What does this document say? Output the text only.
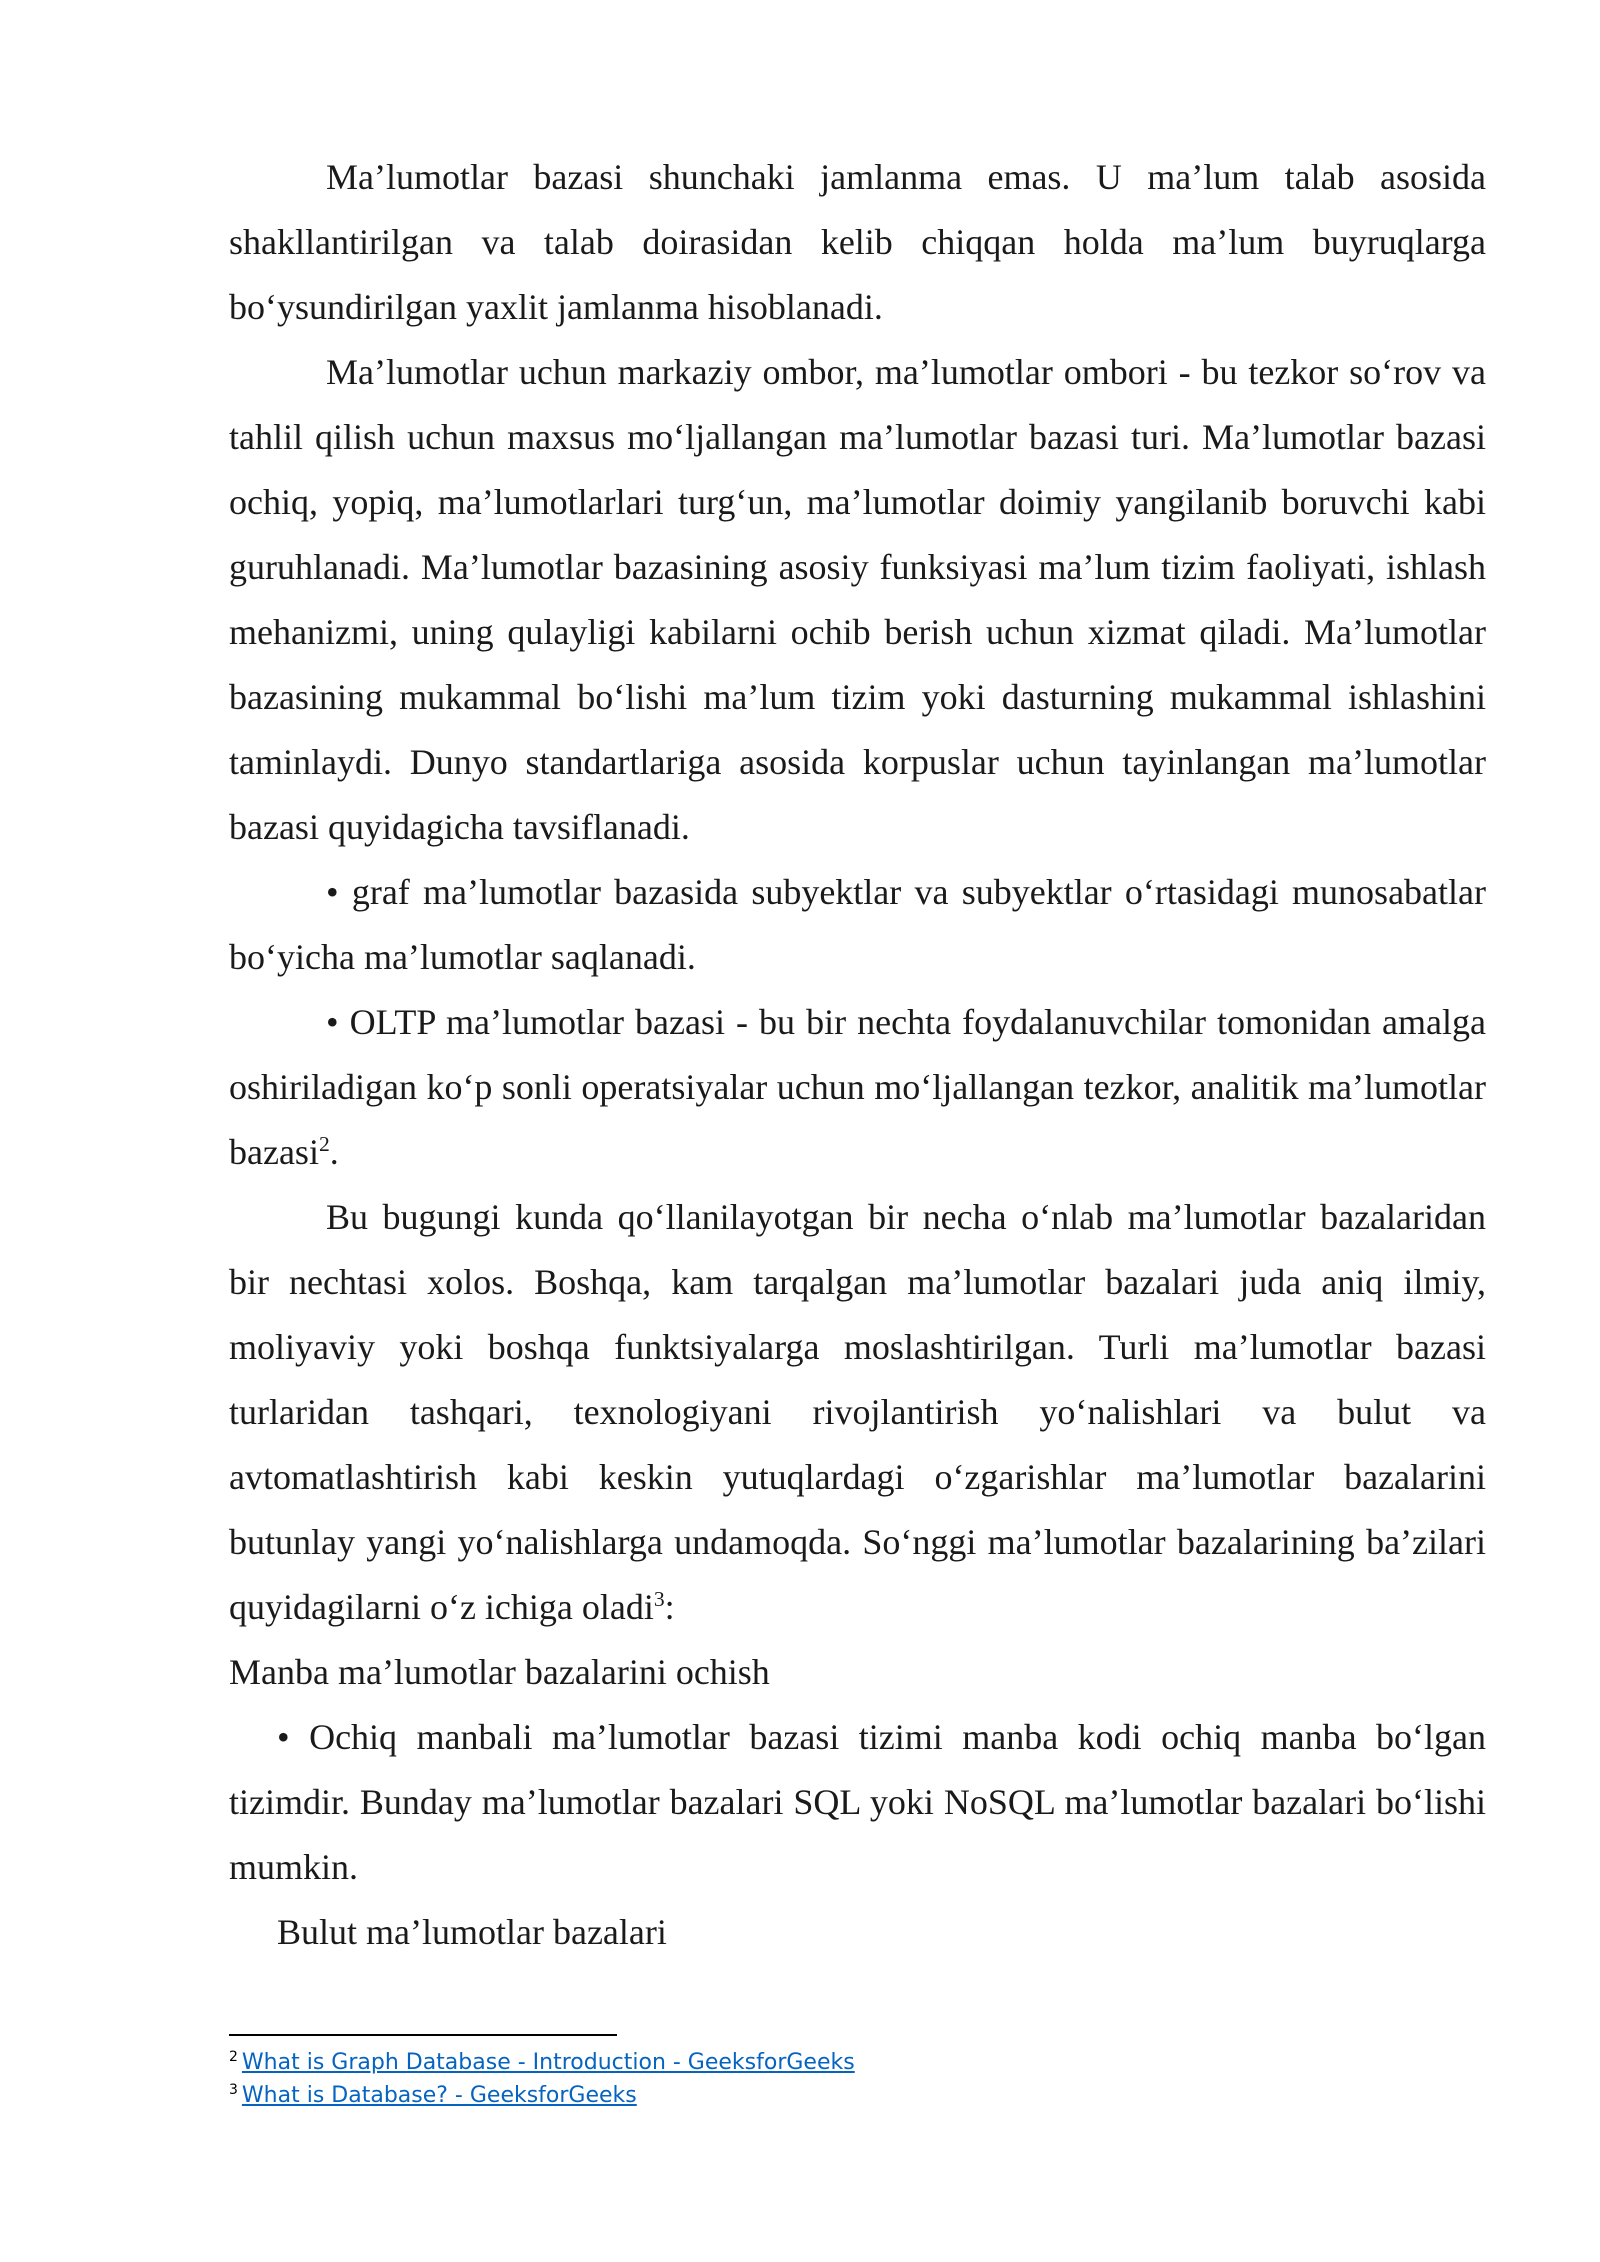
Ma’lumotlar bazasi shunchaki jamlanma emas. U ma’lum talab asosida shakllantirilgan va talab doirasidan kelib chiqqan holda ma’lum buyruqlarga bo‘ysundirilgan yaxlit jamlanma hisoblanadi.

Ma’lumotlar uchun markaziy ombor, ma’lumotlar ombori - bu tezkor so‘rov va tahlil qilish uchun maxsus mo‘ljallangan ma’lumotlar bazasi turi. Ma’lumotlar bazasi ochiq, yopiq, ma’lumotlarlari turg‘un, ma’lumotlar doimiy yangilanib boruvchi kabi guruhlanadi. Ma’lumotlar bazasining asosiy funksiyasi ma’lum tizim faoliyati, ishlash mehanizmi, uning qulayligi kabilarni ochib berish uchun xizmat qiladi. Ma’lumotlar bazasining mukammal bo‘lishi ma’lum tizim yoki dasturning mukammal ishlashini taminlaydi. Dunyo standartlariga asosida korpuslar uchun tayinlangan ma’lumotlar bazasi quyidagicha tavsiflanadi.

• graf ma’lumotlar bazasida subyektlar va subyektlar o‘rtasidagi munosabatlar bo‘yicha ma’lumotlar saqlanadi.

• OLTP ma’lumotlar bazasi - bu bir nechta foydalanuvchilar tomonidan amalga oshiriladigan ko‘p sonli operatsiyalar uchun mo‘ljallangan tezkor, analitik ma’lumotlar bazasi$^2$.

Bu bugungi kunda qo‘llanilayotgan bir necha o‘nlab ma’lumotlar bazalaridan bir nechtasi xolos. Boshqa, kam tarqalgan ma’lumotlar bazalari juda aniq ilmiy, moliyaviy yoki boshqa funktsiyalarga moslashtirilgan. Turli ma’lumotlar bazasi turlaridan tashqari, texnologiyani rivojlantirish yo‘nalishlari va bulut va avtomatlashtirish kabi keskin yutuqlardagi o‘zgarishlar ma’lumotlar bazalarini butunlay yangi yo‘nalishlarga undamoqda. So‘nggi ma’lumotlar bazalarining ba’zilari quyidagilarni o‘z ichiga oladi$^3$:

Manba ma’lumotlar bazalarini ochish

• Ochiq manbali ma’lumotlar bazasi tizimi manba kodi ochiq manba bo‘lgan tizimdir. Bunday ma’lumotlar bazalari SQL yoki NoSQL ma’lumotlar bazalari bo‘lishi mumkin.

Bulut ma’lumotlar bazalari

$^2$ What is Graph Database - Introduction - GeeksforGeeks
$^3$ What is Database? - GeeksforGeeks
